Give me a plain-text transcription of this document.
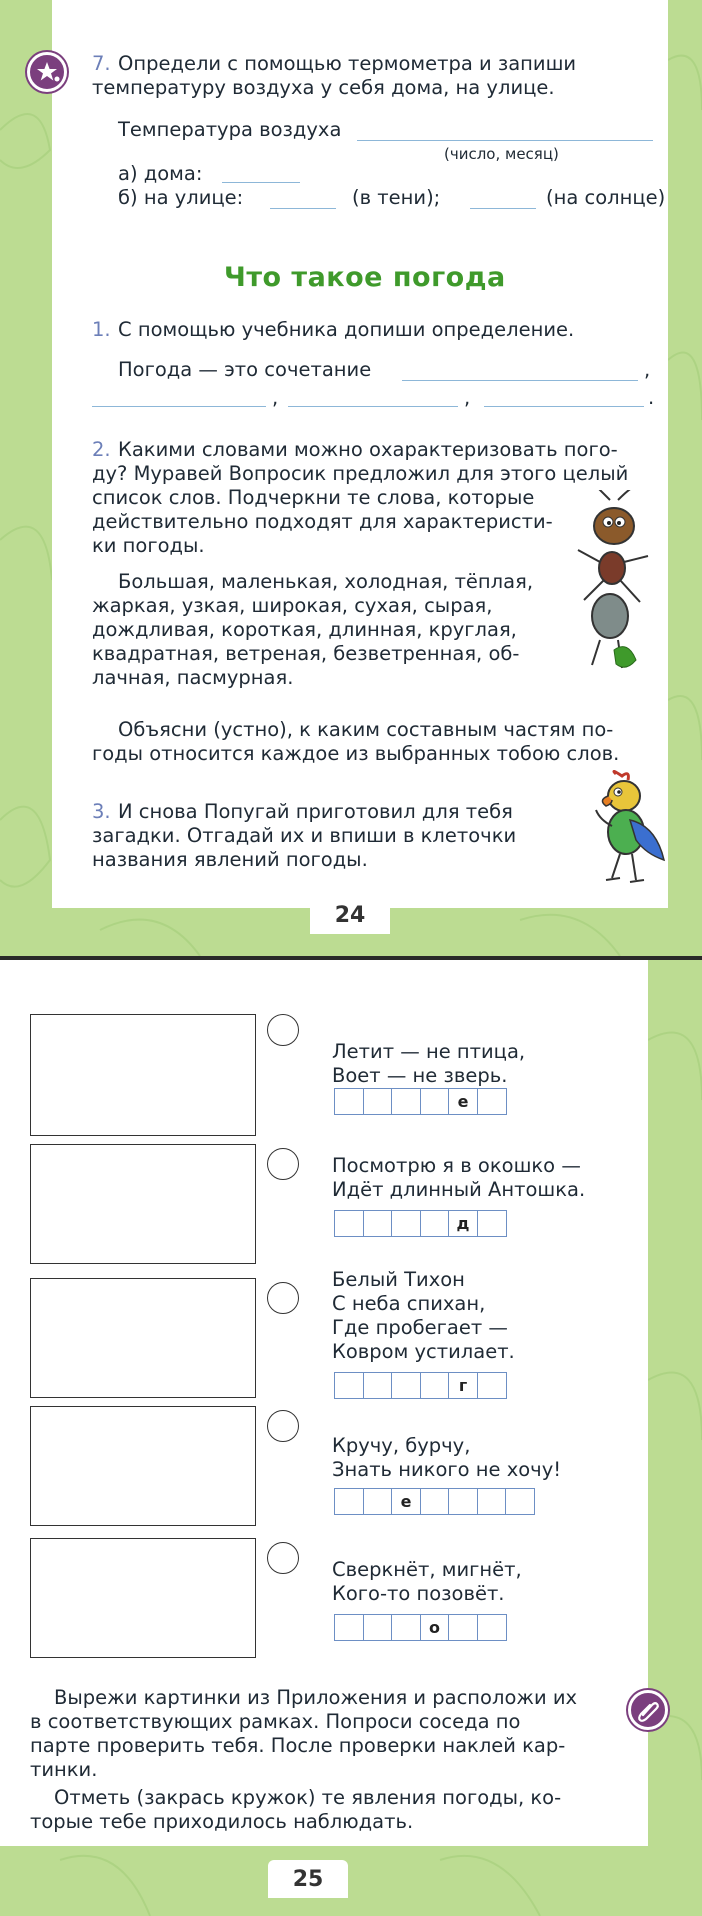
7. Определи с помощью термометра и запиши
температуру воздуха у себя дома, на улице.
Температура воздуха
(число, месяц)
а) дома:
б) на улице:	(в тени);	(на солнце)
Что такое погода
1. С помощью учебника допиши определение.
Погода — это сочетание	,
,	,	.
2. Какими словами можно охарактеризовать пого-
ду? Муравей Вопросик предложил для этого целый
список слов. Подчеркни те слова, которые
действительно подходят для характеристи-
ки погоды.
Большая, маленькая, холодная, тёплая,
жаркая, узкая, широкая, сухая, сырая,
дождливая, короткая, длинная, круглая,
квадратная, ветреная, безветренная, об-
лачная, пасмурная.
Объясни (устно), к каким составным частям по-
годы относится каждое из выбранных тобою слов.
3. И снова Попугай приготовил для тебя
загадки. Отгадай их и впиши в клеточки
названия явлений погоды.
24
Летит — не птица,
Воет — не зверь.
е
Посмотрю я в окошко —
Идёт длинный Антошка.
д
Белый Тихон
С неба спихан,
Где пробегает —
Ковром устилает.
г
Кручу, бурчу,
Знать никого не хочу!
е
Сверкнёт, мигнёт,
Кого-то позовёт.
о
Вырежи картинки из Приложения и расположи их
в соответствующих рамках. Попроси соседа по
парте проверить тебя. После проверки наклей кар-
тинки.
Отметь (закрась кружок) те явления погоды, ко-
торые тебе приходилось наблюдать.
25
